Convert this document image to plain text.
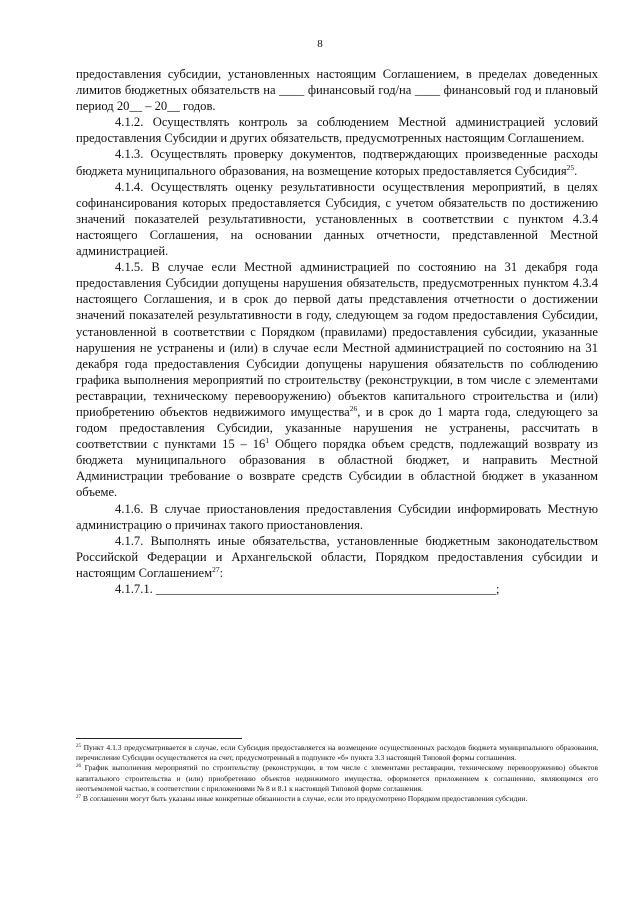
8

предоставления субсидии, установленных настоящим Соглашением, в пределах доведенных лимитов бюджетных обязательств на ____ финансовый год/на ____ финансовый год и плановый период 20__ – 20__ годов.

4.1.2. Осуществлять контроль за соблюдением Местной администрацией условий предоставления Субсидии и других обязательств, предусмотренных настоящим Соглашением.

4.1.3. Осуществлять проверку документов, подтверждающих произведенные расходы бюджета муниципального образования, на возмещение которых предоставляется Субсидия$^{25}$.

4.1.4. Осуществлять оценку результативности осуществления мероприятий, в целях софинансирования которых предоставляется Субсидия, с учетом обязательств по достижению значений показателей результативности, установленных в соответствии с пунктом 4.3.4 настоящего Соглашения, на основании данных отчетности, представленной Местной администрацией.

4.1.5. В случае если Местной администрацией по состоянию на 31 декабря года предоставления Субсидии допущены нарушения обязательств, предусмотренных пунктом 4.3.4 настоящего Соглашения, и в срок до первой даты представления отчетности о достижении значений показателей результативности в году, следующем за годом предоставления Субсидии, установленной в соответствии с Порядком (правилами) предоставления субсидии, указанные нарушения не устранены и (или) в случае если Местной администрацией по состоянию на 31 декабря года предоставления Субсидии допущены нарушения обязательств по соблюдению графика выполнения мероприятий по строительству (реконструкции, в том числе с элементами реставрации, техническому перевооружению) объектов капитального строительства и (или) приобретению объектов недвижимого имущества$^{26}$, и в срок до 1 марта года, следующего за годом предоставления Субсидии, указанные нарушения не устранены, рассчитать в соответствии с пунктами $15 - 16^1$ Общего порядка объем средств, подлежащий возврату из бюджета муниципального образования в областной бюджет, и направить Местной Администрации требование о возврате средств Субсидии в областной бюджет в указанном объеме.

4.1.6. В случае приостановления предоставления Субсидии информировать Местную администрацию о причинах такого приостановления.

4.1.7. Выполнять иные обязательства, установленные бюджетным законодательством Российской Федерации и Архангельской области, Порядком предоставления субсидии и настоящим Соглашением$^{27}$:

4.1.7.1. ______________________________________________________;

$^{25}$ Пункт 4.1.3 предусматривается в случае, если Субсидия предоставляется на возмещение осуществленных расходов бюджета муниципального образования, перечисление Субсидии осуществляется на счет, предусмотренный в подпункте «б» пункта 3.3 настоящей Типовой формы соглашения.

$^{26}$ График выполнения мероприятий по строительству (реконструкции, в том числе с элементами реставрации, техническому перевооружению) объектов капитального строительства и (или) приобретению объектов недвижимого имущества, оформляется приложением к соглашению, являющимся его неотъемлемой частью, в соответствии с приложениями № 8 и 8.1 к настоящей Типовой форме соглашения.

$^{27}$ В соглашении могут быть указаны иные конкретные обязанности в случае, если это предусмотрено Порядком предоставления субсидии.
